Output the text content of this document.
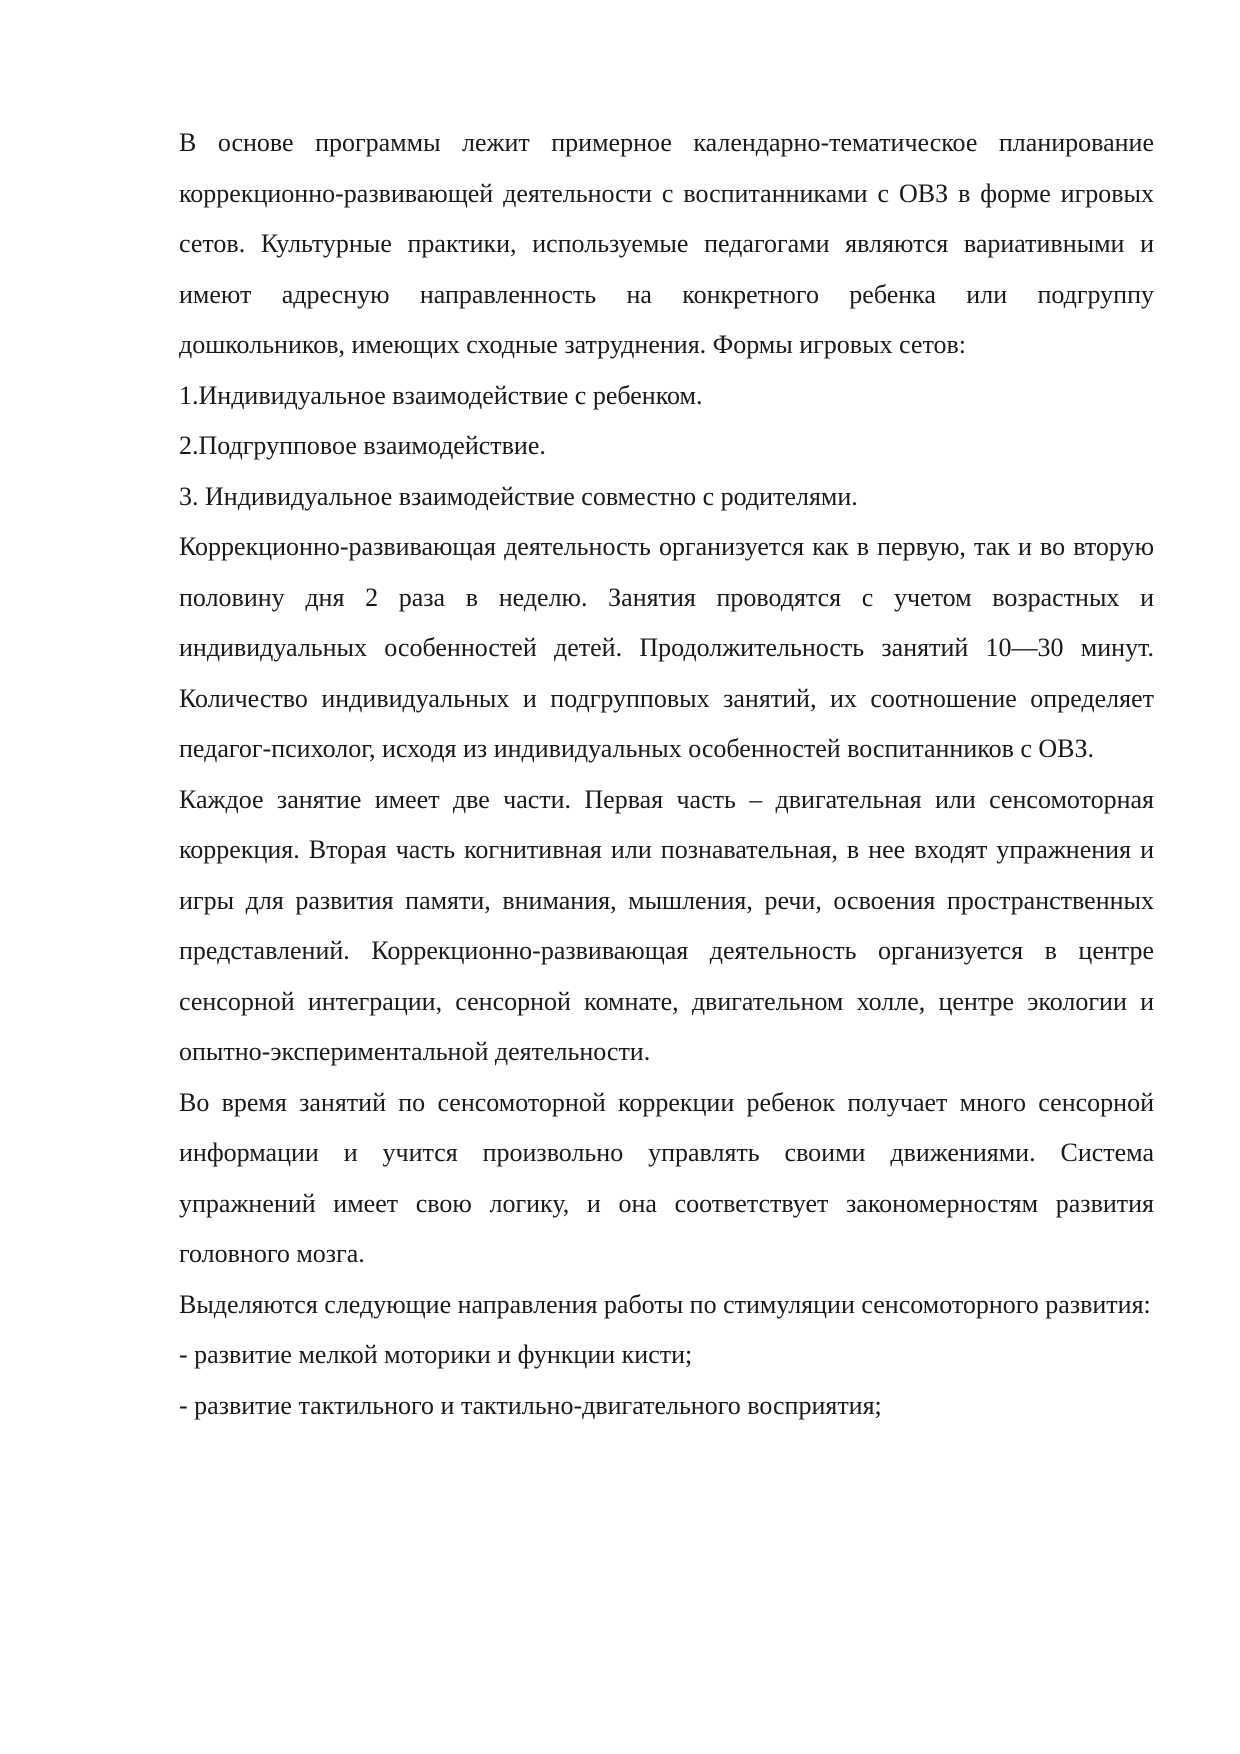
В основе программы лежит примерное календарно-тематическое планирование коррекционно-развивающей деятельности с воспитанниками с ОВЗ в форме игровых сетов. Культурные практики, используемые педагогами являются вариативными и имеют адресную направленность на конкретного ребенка или подгруппу дошкольников, имеющих сходные затруднения. Формы игровых сетов:

1.Индивидуальное взаимодействие с ребенком.

2.Подгрупповое взаимодействие.

3. Индивидуальное взаимодействие совместно с родителями.

Коррекционно-развивающая деятельность организуется как в первую, так и во вторую половину дня 2 раза в неделю. Занятия проводятся с учетом возрастных и индивидуальных особенностей детей. Продолжительность занятий 10—30 минут. Количество индивидуальных и подгрупповых занятий, их соотношение определяет педагог-психолог, исходя из индивидуальных особенностей воспитанников с ОВЗ.

Каждое занятие имеет две части. Первая часть – двигательная или сенсомоторная коррекция. Вторая часть когнитивная или познавательная, в нее входят упражнения и игры для развития памяти, внимания, мышления, речи, освоения пространственных представлений. Коррекционно-развивающая деятельность организуется в центре сенсорной интеграции, сенсорной комнате, двигательном холле, центре экологии и опытно-экспериментальной деятельности.

Во время занятий по сенсомоторной коррекции ребенок получает много сенсорной информации и учится произвольно управлять своими движениями. Система упражнений имеет свою логику, и она соответствует закономерностям развития головного мозга.

Выделяются следующие направления работы по стимуляции сенсомоторного развития:

- развитие мелкой моторики и функции кисти;

- развитие тактильного и тактильно-двигательного восприятия;
